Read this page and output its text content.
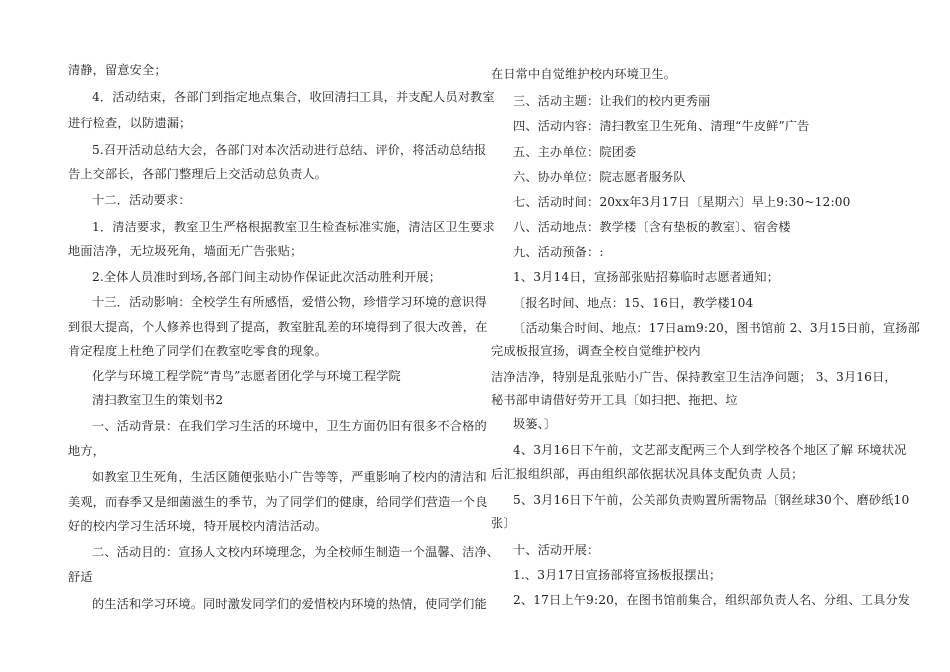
清静，留意安全；
4．活动结束，各部门到指定地点集合，收回清扫工具，并支配人员对教室
进行检查，以防遗漏；
5.召开活动总结大会，各部门对本次活动进行总结、评价，将活动总结报
告上交部长，各部门整理后上交活动总负责人。
十二．活动要求：
1．清洁要求，教室卫生严格根据教室卫生检查标准实施，清洁区卫生要求
地面洁净，无垃圾死角，墙面无广告张贴；
2.全体人员准时到场,各部门间主动协作保证此次活动胜利开展；
十三．活动影响：全校学生有所感悟，爱惜公物，珍惜学习环境的意识得
到很大提高，个人修养也得到了提高，教室脏乱差的环境得到了很大改善，在
肯定程度上杜绝了同学们在教室吃零食的现象。
化学与环境工程学院“青鸟”志愿者团化学与环境工程学院
清扫教室卫生的策划书2
一、活动背景：在我们学习生活的环境中，卫生方面仍旧有很多不合格的
地方，
如教室卫生死角，生活区随便张贴小广告等等，严重影响了校内的清洁和
美观，而春季又是细菌滋生的季节，为了同学们的健康，给同学们营造一个良
好的校内学习生活环境，特开展校内清洁活动。
二、活动目的：宣扬人文校内环境理念，为全校师生制造一个温馨、洁净、
舒适
的生活和学习环境。同时激发同学们的爱惜校内环境的热情，使同学们能
在日常中自觉维护校内环境卫生。
三、活动主题：让我们的校内更秀丽
四、活动内容：清扫教室卫生死角、清理“牛皮鲜”广告
五、主办单位：院团委
六、协办单位：院志愿者服务队
七、活动时间：20xx年3月17日〔星期六〕早上9:30~12:00
八、活动地点：教学楼〔含有垫板的教室〕、宿舍楼
九、活动预备：:
1、3月14日，宣扬部张贴招募临时志愿者通知；
〔报名时间、地点：15、16日，教学楼104
〔活动集合时间、地点：17日am9:20，图书馆前 2、3月15日前，宣扬部
完成板报宣扬，调查全校自觉维护校内
洁净洁净，特别是乱张贴小广告、保持教室卫生洁净问题； 3、3月16日，
秘书部申请借好劳开工具〔如扫把、拖把、垃
圾篓、〕
4、3月16日下午前，文艺部支配两三个人到学校各个地区了解 环境状况
后汇报组织部，再由组织部依据状况具体支配负责 人员；
5、3月16日下午前，公关部负责购置所需物品〔钢丝球30个、磨砂纸10
张〕
十、活动开展：
1.、3月17日宣扬部将宣扬板报摆出；
2、17日上午9:20，在图书馆前集合，组织部负责人名、分组、工具分发
